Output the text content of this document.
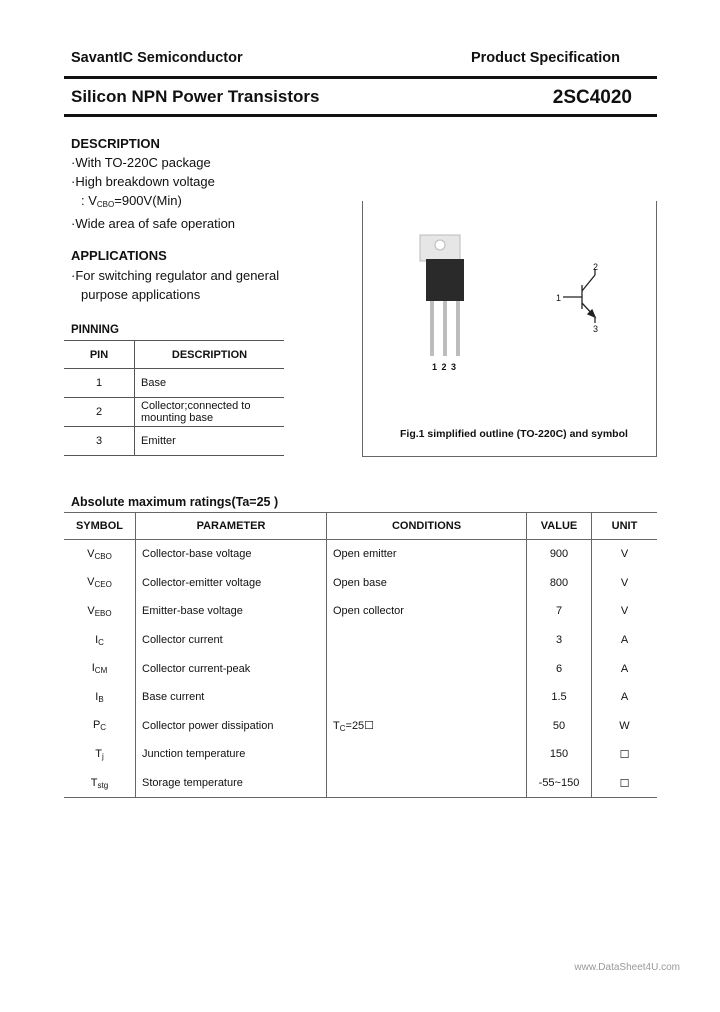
SavantIC Semiconductor	Product Specification
Silicon NPN Power Transistors	2SC4020
DESCRIPTION
·With TO-220C package
·High breakdown voltage
: $V_{CBO}=900V(Min)$
·Wide area of safe operation
APPLICATIONS
·For switching regulator and general
purpose applications
PINNING
PIN	DESCRIPTION
1	Base
2	Collector;connected to
mounting base

3	Emitter
1 2 3
1
2
3
Fig.1 simplified outline (TO-220C) and symbol
Absolute maximum ratings(Ta=25 )
SYMBOL	PARAMETER	CONDITIONS	VALUE	UNIT
$V_{CBO}$	Collector-base voltage	Open emitter	900	V
$V_{CEO}$	Collector-emitter voltage	Open base	800	V
$V_{EBO}$	Emitter-base voltage	Open collector	7	V
$I_C$	Collector current		3	A
$I_{CM}$	Collector current-peak		6	A
$I_B$	Base current		1.5	A
$P_C$	Collector power dissipation	$T_C=25☐$	50	W
$T_j$	Junction temperature		150	☐
$T_{stg}$	Storage temperature		-55~150	☐
www.DataSheet4U.com
